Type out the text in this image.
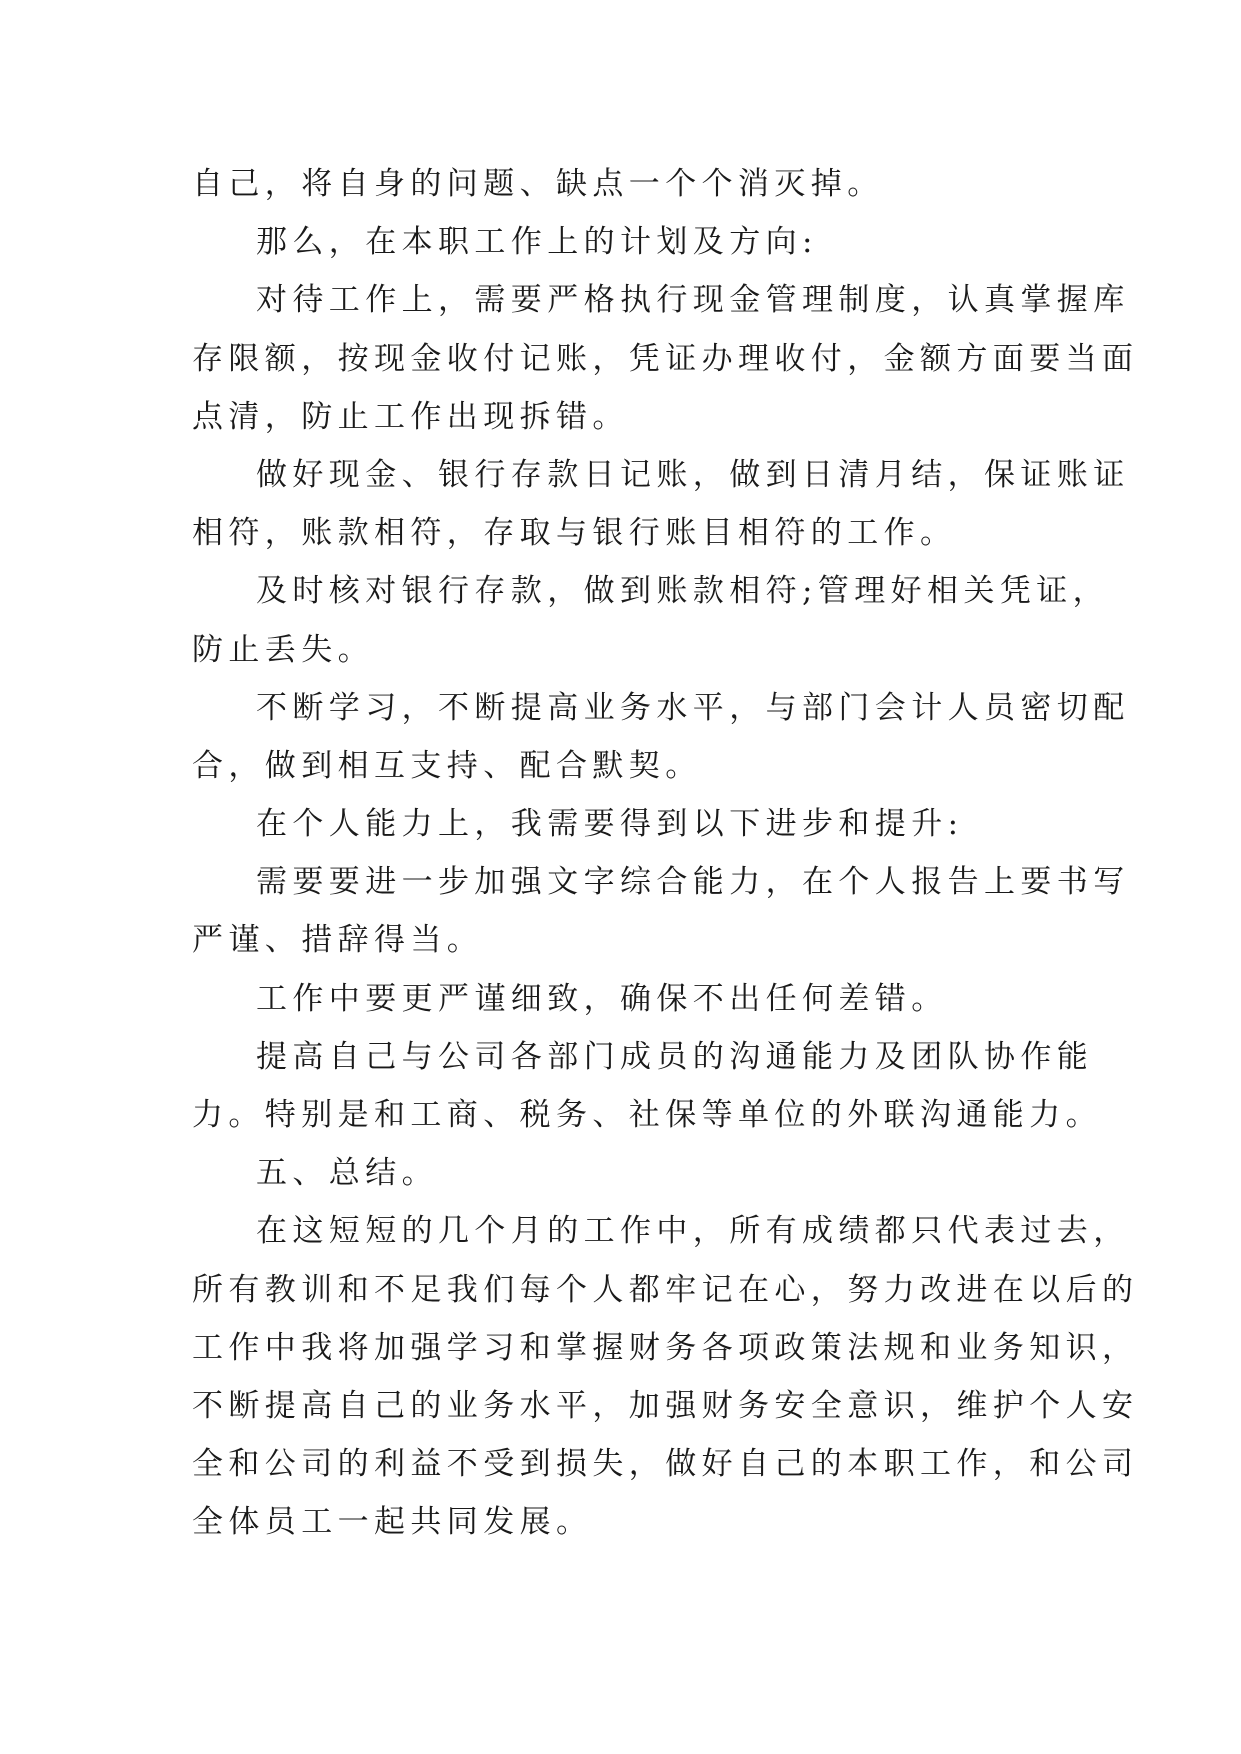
自己，将自身的问题、缺点一个个消灭掉。
那么，在本职工作上的计划及方向:
对待工作上，需要严格执行现金管理制度，认真掌握库
存限额，按现金收付记账，凭证办理收付，金额方面要当面
点清，防止工作出现拆错。
做好现金、银行存款日记账，做到日清月结，保证账证
相符，账款相符，存取与银行账目相符的工作。
及时核对银行存款，做到账款相符;管理好相关凭证，
防止丢失。
不断学习，不断提高业务水平，与部门会计人员密切配
合，做到相互支持、配合默契。
在个人能力上，我需要得到以下进步和提升:
需要要进一步加强文字综合能力，在个人报告上要书写
严谨、措辞得当。
工作中要更严谨细致，确保不出任何差错。
提高自己与公司各部门成员的沟通能力及团队协作能
力。特别是和工商、税务、社保等单位的外联沟通能力。
五、总结。
在这短短的几个月的工作中，所有成绩都只代表过去，
所有教训和不足我们每个人都牢记在心，努力改进在以后的
工作中我将加强学习和掌握财务各项政策法规和业务知识，
不断提高自己的业务水平，加强财务安全意识，维护个人安
全和公司的利益不受到损失，做好自己的本职工作，和公司
全体员工一起共同发展。
